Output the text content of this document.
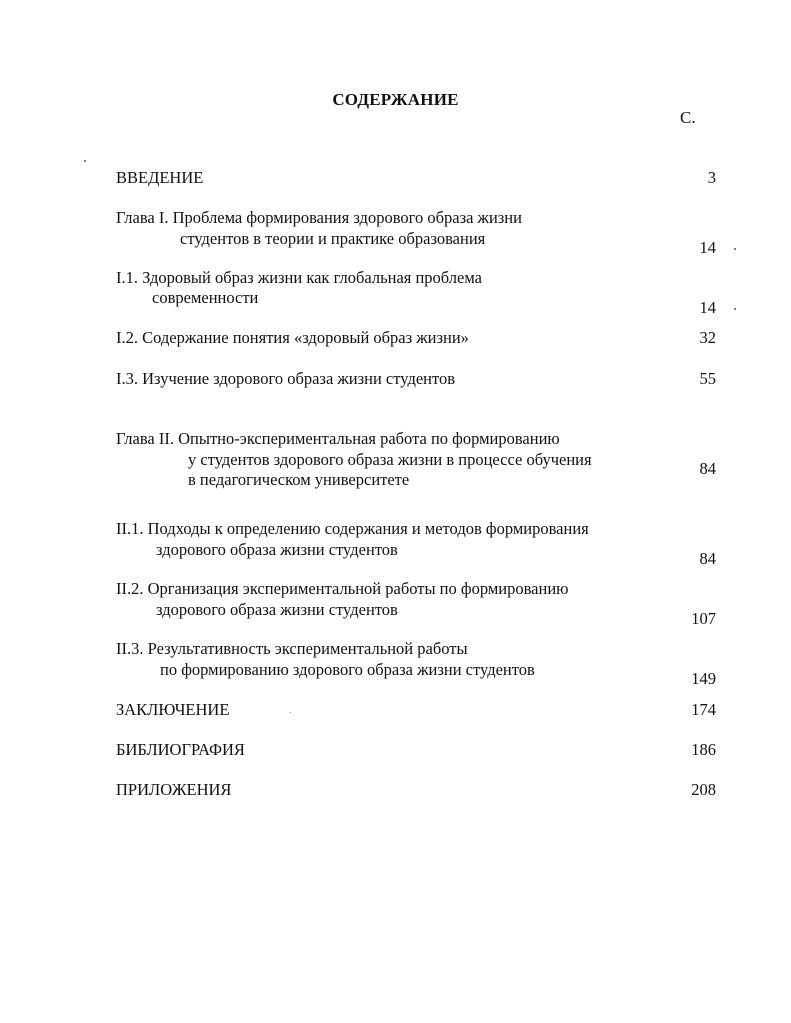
СОДЕРЖАНИЕ
С.
ВВЕДЕНИЕ	3
Глава I. Проблема формирования здорового образа жизни
студентов в теории и практике образования	14
I.1. Здоровый образ жизни как глобальная проблема
современности
14
I.2. Содержание понятия «здоровый образ жизни»	32
I.3. Изучение здорового образа жизни студентов	55
Глава II. Опытно-экспериментальная работа по формированию
у студентов здорового образа жизни в процессе обучения
в педагогическом университете
84
II.1. Подходы к определению содержания и методов формирования
здорового образа жизни студентов	84
II.2. Организация экспериментальной работы по формированию
здорового образа жизни студентов	107
II.3. Результативность экспериментальной работы
по формированию здорового образа жизни студентов	149
ЗАКЛЮЧЕНИЕ	174
БИБЛИОГРАФИЯ	186
ПРИЛОЖЕНИЯ	208
